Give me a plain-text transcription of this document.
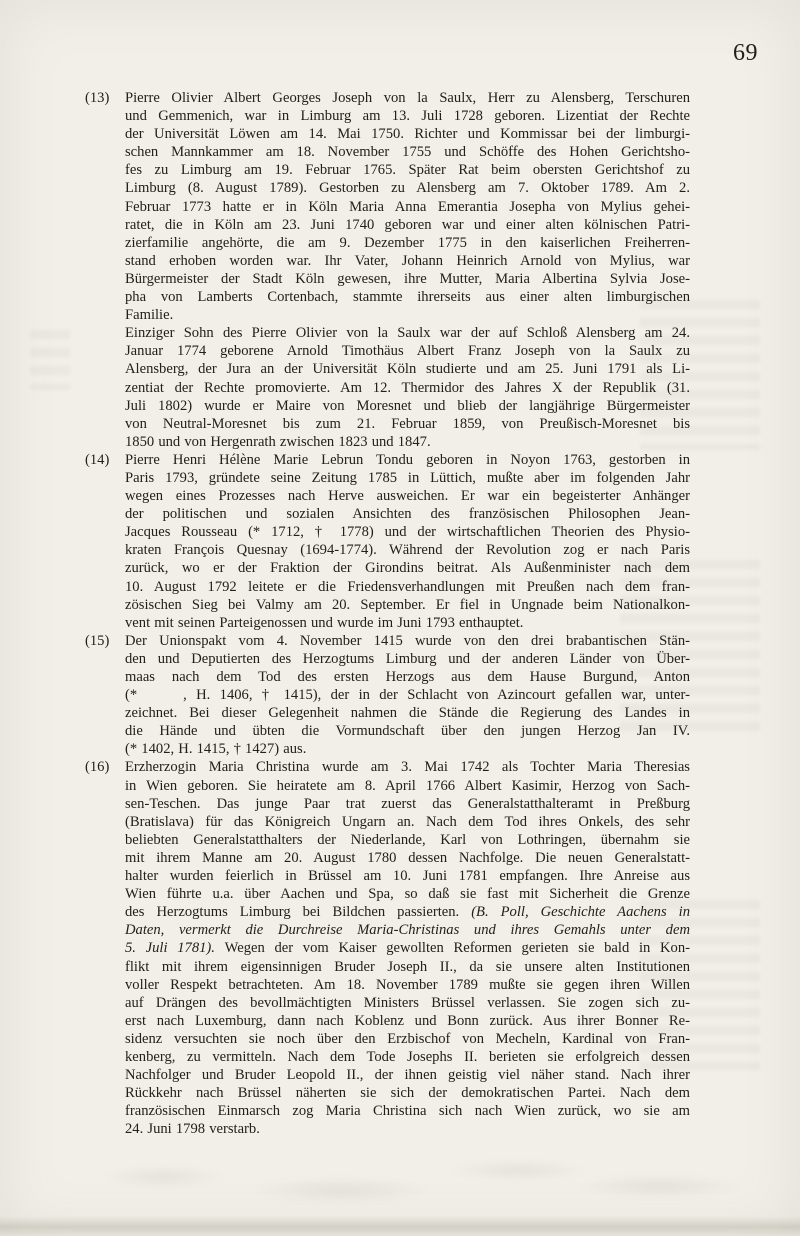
69
(13)	Pierre Olivier Albert Georges Joseph von la Saulx, Herr zu Alensberg, Terschuren
und Gemmenich, war in Limburg am 13. Juli 1728 geboren. Lizentiat der Rechte
der Universität Löwen am 14. Mai 1750. Richter und Kommissar bei der limburgi-
schen Mannkammer am 18. November 1755 und Schöffe des Hohen Gerichtsho-
fes zu Limburg am 19. Februar 1765. Später Rat beim obersten Gerichtshof zu
Limburg (8. August 1789). Gestorben zu Alensberg am 7. Oktober 1789. Am 2.
Februar 1773 hatte er in Köln Maria Anna Emerantia Josepha von Mylius gehei-
ratet, die in Köln am 23. Juni 1740 geboren war und einer alten kölnischen Patri-
zierfamilie angehörte, die am 9. Dezember 1775 in den kaiserlichen Freiherren-
stand erhoben worden war. Ihr Vater, Johann Heinrich Arnold von Mylius, war
Bürgermeister der Stadt Köln gewesen, ihre Mutter, Maria Albertina Sylvia Jose-
pha von Lamberts Cortenbach, stammte ihrerseits aus einer alten limburgischen
Familie.
Einziger Sohn des Pierre Olivier von la Saulx war der auf Schloß Alensberg am 24.
Januar 1774 geborene Arnold Timothäus Albert Franz Joseph von la Saulx zu
Alensberg, der Jura an der Universität Köln studierte und am 25. Juni 1791 als Li-
zentiat der Rechte promovierte. Am 12. Thermidor des Jahres X der Republik (31.
Juli 1802) wurde er Maire von Moresnet und blieb der langjährige Bürgermeister
von Neutral-Moresnet bis zum 21. Februar 1859, von Preußisch-Moresnet bis
1850 und von Hergenrath zwischen 1823 und 1847.
(14)	Pierre Henri Hélène Marie Lebrun Tondu geboren in Noyon 1763, gestorben in
Paris 1793, gründete seine Zeitung 1785 in Lüttich, mußte aber im folgenden Jahr
wegen eines Prozesses nach Herve ausweichen. Er war ein begeisterter Anhänger
der politischen und sozialen Ansichten des französischen Philosophen Jean-
Jacques Rousseau (* 1712, † 1778) und der wirtschaftlichen Theorien des Physio-
kraten François Quesnay (1694-1774). Während der Revolution zog er nach Paris
zurück, wo er der Fraktion der Girondins beitrat. Als Außenminister nach dem
10. August 1792 leitete er die Friedensverhandlungen mit Preußen nach dem fran-
zösischen Sieg bei Valmy am 20. September. Er fiel in Ungnade beim Nationalkon-
vent mit seinen Parteigenossen und wurde im Juni 1793 enthauptet.
(15)	Der Unionspakt vom 4. November 1415 wurde von den drei brabantischen Stän-
den und Deputierten des Herzogtums Limburg und der anderen Länder von Über-
maas nach dem Tod des ersten Herzogs aus dem Hause Burgund, Anton
(*	, H. 1406, † 1415), der in der Schlacht von Azincourt gefallen war, unter-
zeichnet. Bei dieser Gelegenheit nahmen die Stände die Regierung des Landes in
die Hände und übten die Vormundschaft über den jungen Herzog Jan IV.
(* 1402, H. 1415, † 1427) aus.
(16)	Erzherzogin Maria Christina wurde am 3. Mai 1742 als Tochter Maria Theresias
in Wien geboren. Sie heiratete am 8. April 1766 Albert Kasimir, Herzog von Sach-
sen-Teschen. Das junge Paar trat zuerst das Generalstatthalteramt in Preßburg
(Bratislava) für das Königreich Ungarn an. Nach dem Tod ihres Onkels, des sehr
beliebten Generalstatthalters der Niederlande, Karl von Lothringen, übernahm sie
mit ihrem Manne am 20. August 1780 dessen Nachfolge. Die neuen Generalstatt-
halter wurden feierlich in Brüssel am 10. Juni 1781 empfangen. Ihre Anreise aus
Wien führte u.a. über Aachen und Spa, so daß sie fast mit Sicherheit die Grenze
des Herzogtums Limburg bei Bildchen passierten. (B. Poll, Geschichte Aachens in
Daten, vermerkt die Durchreise Maria-Christinas und ihres Gemahls unter dem
5. Juli 1781). Wegen der vom Kaiser gewollten Reformen gerieten sie bald in Kon-
flikt mit ihrem eigensinnigen Bruder Joseph II., da sie unsere alten Institutionen
voller Respekt betrachteten. Am 18. November 1789 mußte sie gegen ihren Willen
auf Drängen des bevollmächtigten Ministers Brüssel verlassen. Sie zogen sich zu-
erst nach Luxemburg, dann nach Koblenz und Bonn zurück. Aus ihrer Bonner Re-
sidenz versuchten sie noch über den Erzbischof von Mecheln, Kardinal von Fran-
kenberg, zu vermitteln. Nach dem Tode Josephs II. berieten sie erfolgreich dessen
Nachfolger und Bruder Leopold II., der ihnen geistig viel näher stand. Nach ihrer
Rückkehr nach Brüssel näherten sie sich der demokratischen Partei. Nach dem
französischen Einmarsch zog Maria Christina sich nach Wien zurück, wo sie am
24. Juni 1798 verstarb.
